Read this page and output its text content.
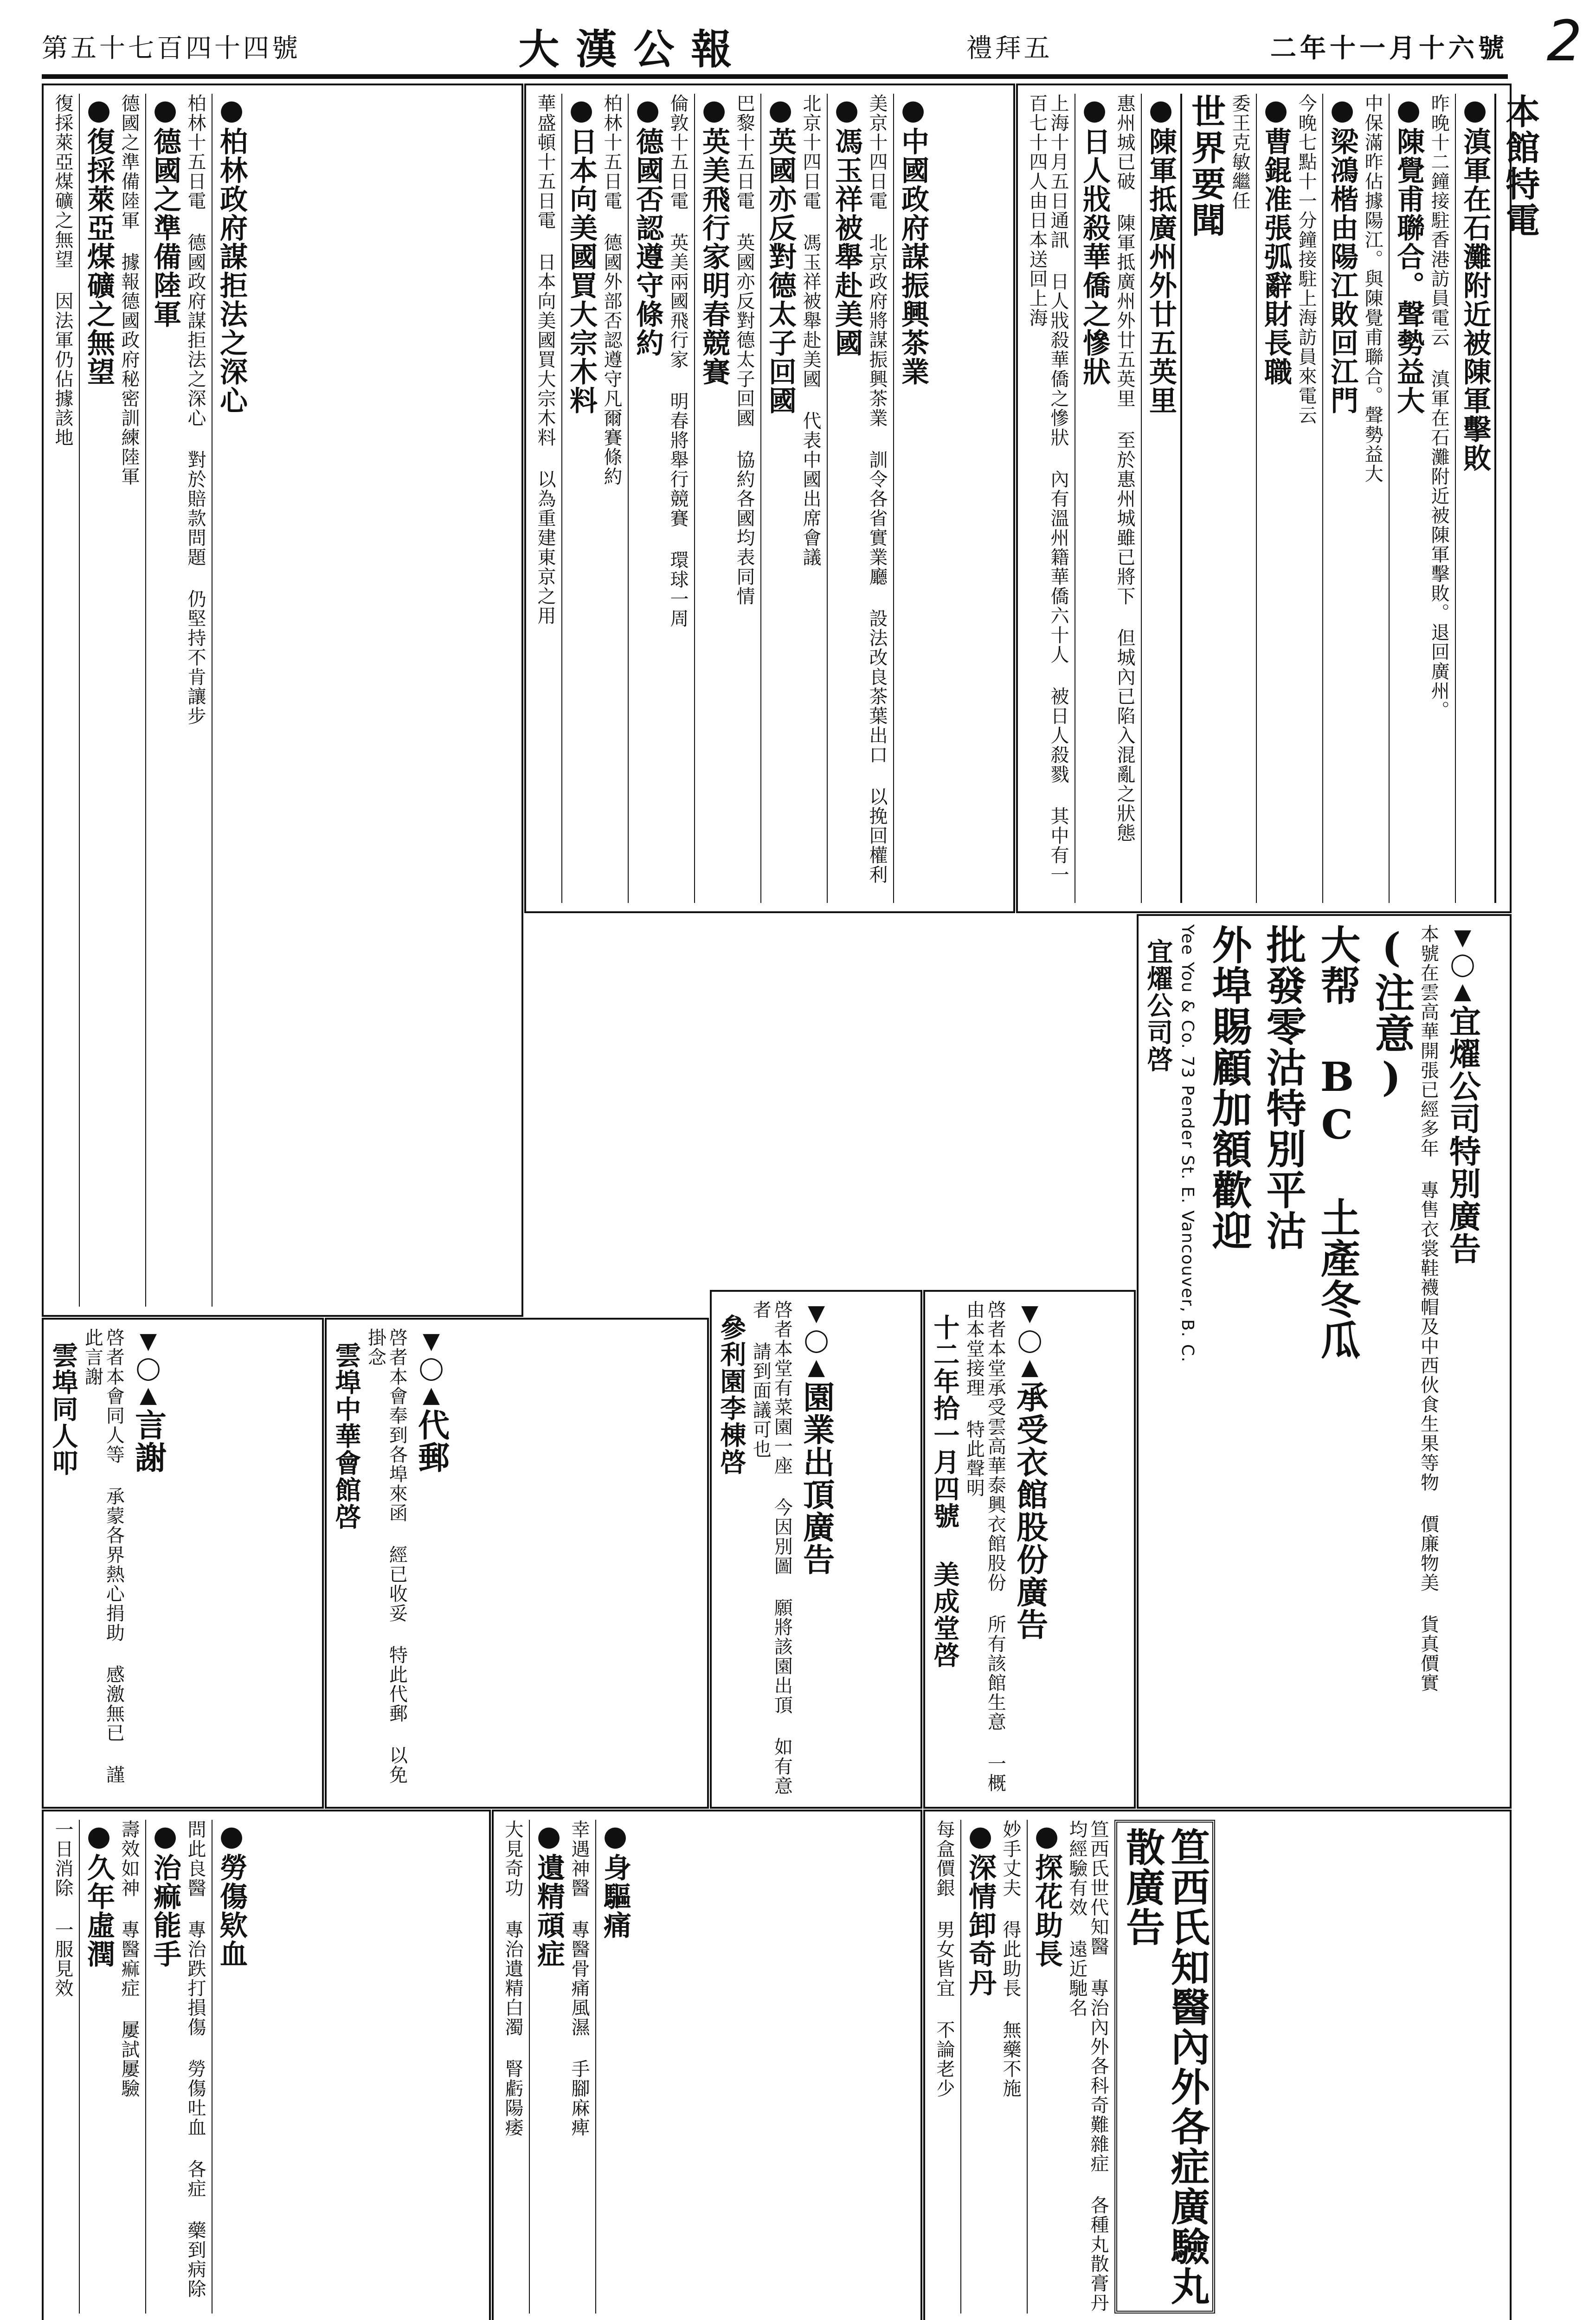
2
二年十一月十六號
禮拜五
大漢公報
第五十七百四十四號
本館特電
● 滇軍在石灘附近被陳軍擊敗
昨晚十二鐘接駐香港訪員電云 滇軍在石灘附近被陳軍擊敗。退回廣州。
● 陳覺甫聯合。聲勢益大
中保滿昨佔據陽江。與陳覺甫聯合。聲勢益大
● 梁鴻楷由陽江敗回江門
今晚七點十一分鐘接駐上海訪員來電云
● 曹錕准張弧辭財長職
委王克敏繼任
世界要聞
● 陳軍抵廣州外廿五英里
惠州城已破 陳軍抵廣州外廿五英里 至於惠州城雖已將下 但城內已陷入混亂之狀態
● 日人戕殺華僑之慘狀
上海十月五日通訊 日人戕殺華僑之慘狀 內有溫州籍華僑六十人 被日人殺戮 其中有一百七十四人由日本送回上海
● 中國政府謀振興茶業
美京十四日電 北京政府將謀振興茶業 訓令各省實業廳 設法改良茶葉出口 以挽回權利
● 馮玉祥被舉赴美國
北京十四日電 馮玉祥被舉赴美國 代表中國出席會議
● 英國亦反對德太子回國
巴黎十五日電 英國亦反對德太子回國 協約各國均表同情
● 英美飛行家明春競賽
倫敦十五日電 英美兩國飛行家 明春將舉行競賽 環球一周
● 德國否認遵守條約
柏林十五日電 德國外部否認遵守凡爾賽條約
● 日本向美國買大宗木料
華盛頓十五日電 日本向美國買大宗木料 以為重建東京之用
● 柏林政府謀拒法之深心
柏林十五日電 德國政府謀拒法之深心 對於賠款問題 仍堅持不肯讓步
● 德國之準備陸軍
德國之準備陸軍 據報德國政府秘密訓練陸軍
● 復採萊亞煤礦之無望
復採萊亞煤礦之無望 因法軍仍佔據該地
▼◯▲ 宜燿公司特別廣告
本號在雲高華開張已經多年 專售衣裳鞋襪帽及中西伙食生果等物 價廉物美 貨真價實
(注意)
大帮 BC 土產冬瓜
批發零沽特別平沽
外埠賜顧加額歡迎
Yee You & Co. 73 Pender St. E. Vancouver, B. C.
宜燿公司啓
▼◯▲ 承受衣館股份廣告
啓者本堂承受雲高華泰興衣館股份 所有該館生意 一概由本堂接理 特此聲明
十二年拾一月四號 美成堂啓
▼◯▲ 園業出頂廣告
啓者本堂有菜園一座 今因別圖 願將該園出頂 如有意者 請到面議可也
參利園李棟啓
▼◯▲ 代郵
啓者本會奉到各埠來函 經已收妥 特此代郵 以免掛念
雲埠中華會館啓
▼◯▲ 言謝
啓者本會同人等 承蒙各界熱心捐助 感激無已 謹此言謝
雲埠同人叩
笪西氏知醫內外各症廣驗丸散廣告
笪西氏世代知醫 專治內外各科奇難雜症 各種丸散膏丹 均經驗有效 遠近馳名
● 探花助長
妙手丈夫 得此助長 無藥不施
● 深情卸奇丹
每盒價銀 男女皆宜 不論老少
● 身驅痛
幸遇神醫 專醫骨痛風濕 手腳麻痺
● 遺精頑症
大見奇功 專治遺精白濁 腎虧陽痿
● 勞傷欵血
問此良醫 專治跌打損傷 勞傷吐血 各症 藥到病除
● 治痲能手
壽效如神 專醫痲症 屢試屢驗
● 久年虛潤
一日消除 一服見效
